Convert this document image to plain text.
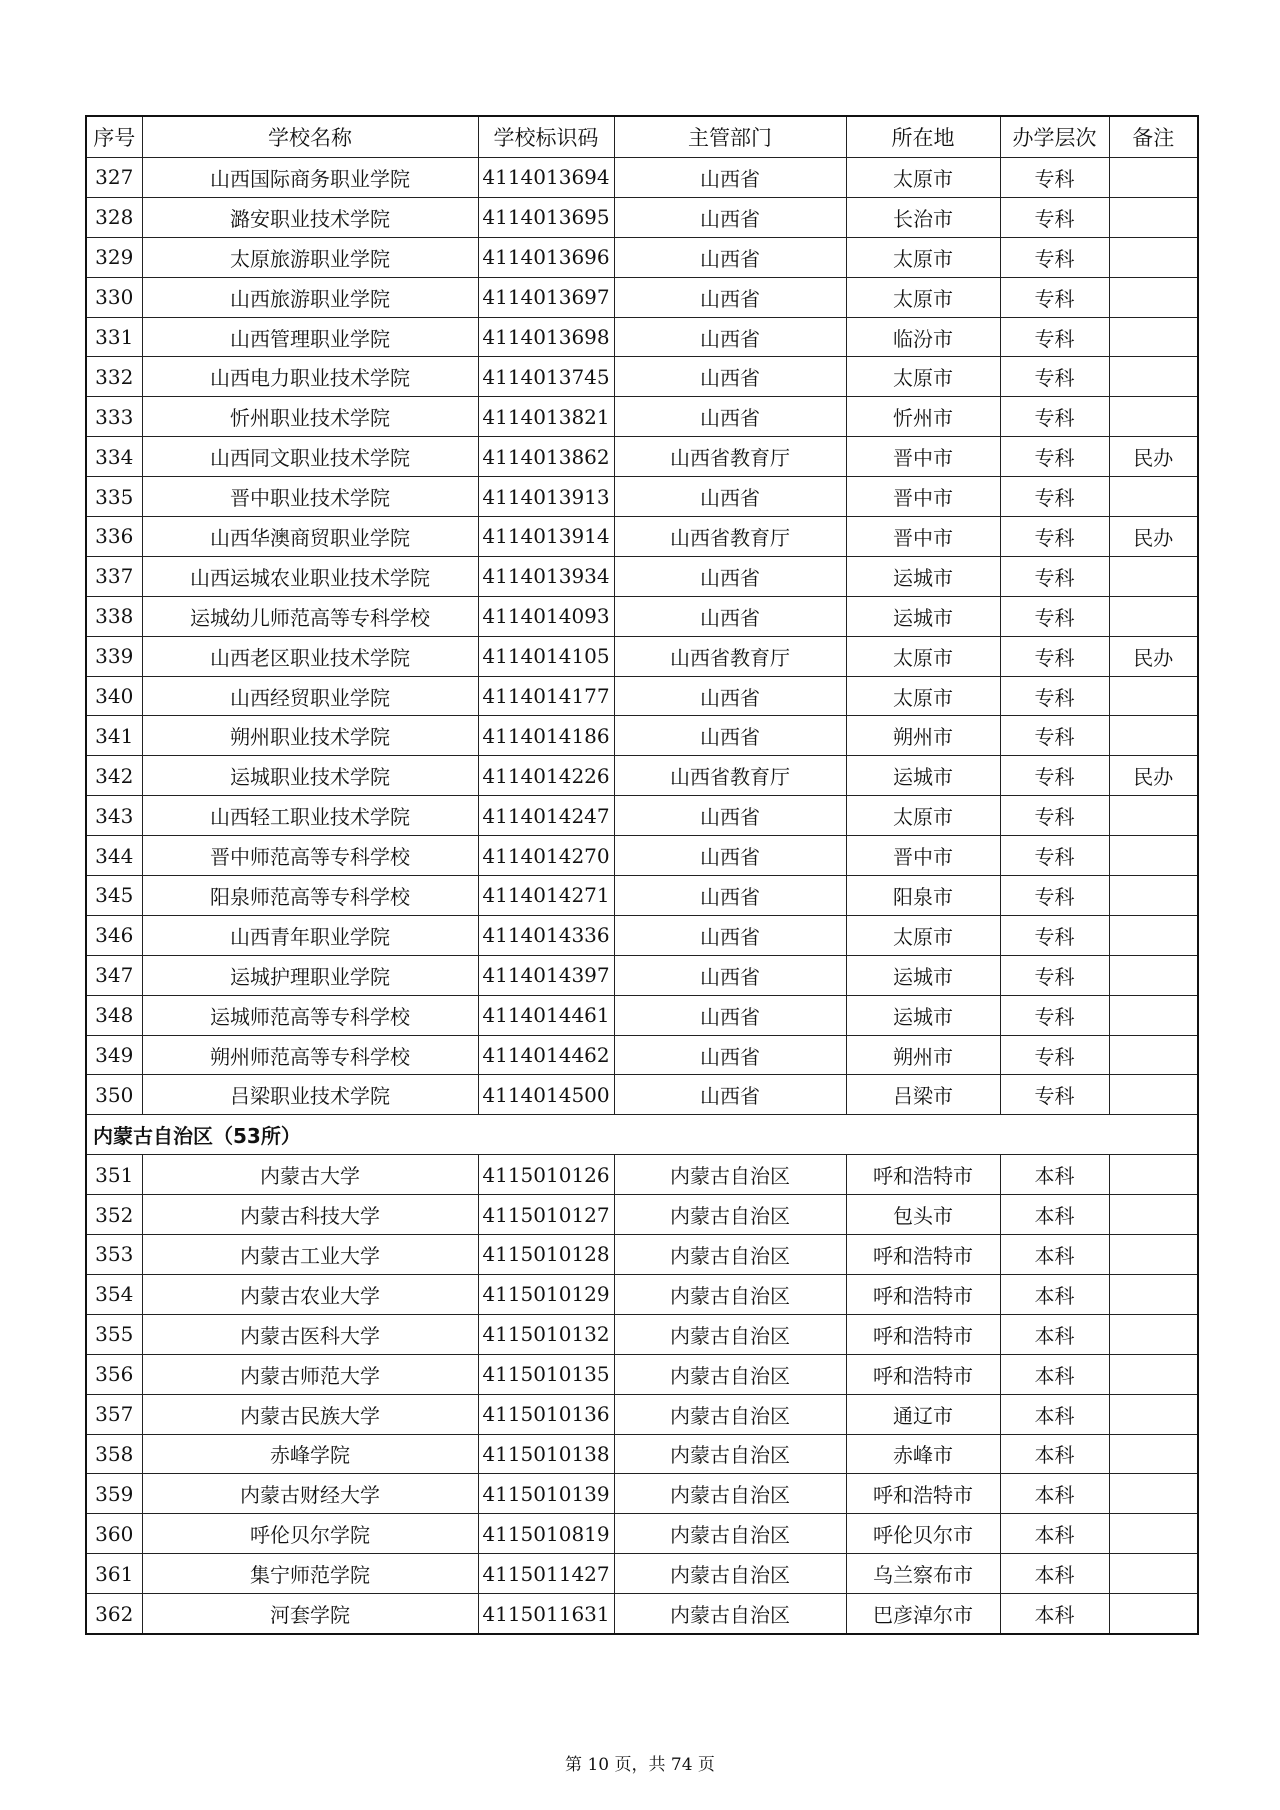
序号	学校名称	学校标识码	主管部门	所在地	办学层次	备注
327	山西国际商务职业学院	4114013694	山西省	太原市	专科	
328	潞安职业技术学院	4114013695	山西省	长治市	专科	
329	太原旅游职业学院	4114013696	山西省	太原市	专科	
330	山西旅游职业学院	4114013697	山西省	太原市	专科	
331	山西管理职业学院	4114013698	山西省	临汾市	专科	
332	山西电力职业技术学院	4114013745	山西省	太原市	专科	
333	忻州职业技术学院	4114013821	山西省	忻州市	专科	
334	山西同文职业技术学院	4114013862	山西省教育厅	晋中市	专科	民办
335	晋中职业技术学院	4114013913	山西省	晋中市	专科	
336	山西华澳商贸职业学院	4114013914	山西省教育厅	晋中市	专科	民办
337	山西运城农业职业技术学院	4114013934	山西省	运城市	专科	
338	运城幼儿师范高等专科学校	4114014093	山西省	运城市	专科	
339	山西老区职业技术学院	4114014105	山西省教育厅	太原市	专科	民办
340	山西经贸职业学院	4114014177	山西省	太原市	专科	
341	朔州职业技术学院	4114014186	山西省	朔州市	专科	
342	运城职业技术学院	4114014226	山西省教育厅	运城市	专科	民办
343	山西轻工职业技术学院	4114014247	山西省	太原市	专科	
344	晋中师范高等专科学校	4114014270	山西省	晋中市	专科	
345	阳泉师范高等专科学校	4114014271	山西省	阳泉市	专科	
346	山西青年职业学院	4114014336	山西省	太原市	专科	
347	运城护理职业学院	4114014397	山西省	运城市	专科	
348	运城师范高等专科学校	4114014461	山西省	运城市	专科	
349	朔州师范高等专科学校	4114014462	山西省	朔州市	专科	
350	吕梁职业技术学院	4114014500	山西省	吕梁市	专科	
内蒙古自治区（53所）						
351	内蒙古大学	4115010126	内蒙古自治区	呼和浩特市	本科	
352	内蒙古科技大学	4115010127	内蒙古自治区	包头市	本科	
353	内蒙古工业大学	4115010128	内蒙古自治区	呼和浩特市	本科	
354	内蒙古农业大学	4115010129	内蒙古自治区	呼和浩特市	本科	
355	内蒙古医科大学	4115010132	内蒙古自治区	呼和浩特市	本科	
356	内蒙古师范大学	4115010135	内蒙古自治区	呼和浩特市	本科	
357	内蒙古民族大学	4115010136	内蒙古自治区	通辽市	本科	
358	赤峰学院	4115010138	内蒙古自治区	赤峰市	本科	
359	内蒙古财经大学	4115010139	内蒙古自治区	呼和浩特市	本科	
360	呼伦贝尔学院	4115010819	内蒙古自治区	呼伦贝尔市	本科	
361	集宁师范学院	4115011427	内蒙古自治区	乌兰察布市	本科	
362	河套学院	4115011631	内蒙古自治区	巴彦淖尔市	本科	
第 10 页，共 74 页
